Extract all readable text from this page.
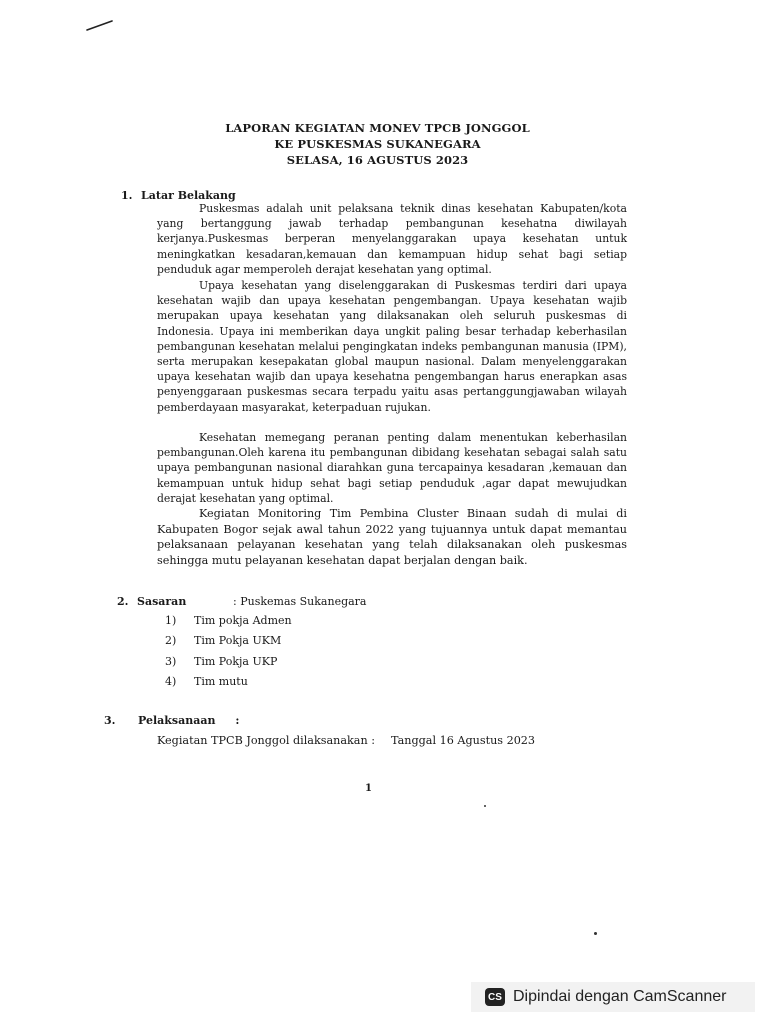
LAPORAN KEGIATAN MONEV TPCB JONGGOL
KE PUSKESMAS SUKANEGARA
SELASA, 16 AGUSTUS 2023
1. Latar Belakang

Puskesmas adalah unit pelaksana teknik dinas kesehatan Kabupaten/kota yang bertanggung jawab terhadap pembangunan kesehatna diwilayah kerjanya.Puskesmas berperan menyelanggarakan upaya kesehatan untuk meningkatkan kesadaran,kemauan dan kemampuan hidup sehat bagi setiap penduduk agar memperoleh derajat kesehatan yang optimal.

Upaya kesehatan yang diselenggarakan di Puskesmas terdiri dari upaya kesehatan wajib dan upaya kesehatan pengembangan. Upaya kesehatan wajib merupakan upaya kesehatan yang dilaksanakan oleh seluruh puskesmas di Indonesia. Upaya ini memberikan daya ungkit paling besar terhadap keberhasilan pembangunan kesehatan melalui pengingkatan indeks pembangunan manusia (IPM), serta merupakan kesepakatan global maupun nasional. Dalam menyelenggarakan upaya kesehatan wajib dan upaya kesehatna pengembangan harus enerapkan asas penyenggaraan puskesmas secara terpadu yaitu asas pertanggungjawaban wilayah pemberdayaan masyarakat, keterpaduan rujukan.

Kesehatan memegang peranan penting dalam menentukan keberhasilan pembangunan.Oleh karena itu pembangunan dibidang kesehatan sebagai salah satu upaya pembangunan nasional diarahkan guna tercapainya kesadaran ,kemauan dan kemampuan untuk hidup sehat bagi setiap penduduk ,agar dapat mewujudkan derajat kesehatan yang optimal.

Kegiatan Monitoring Tim Pembina Cluster Binaan sudah di mulai di Kabupaten Bogor sejak awal tahun 2022 yang tujuannya untuk dapat memantau pelaksanaan pelayanan kesehatan yang telah dilaksanakan oleh puskesmas sehingga mutu pelayanan kesehatan dapat berjalan dengan baik.

2. Sasaran	: Puskemas Sukanegara
1) Tim pokja Admen
2) Tim Pokja UKM
3) Tim Pokja UKP
4) Tim mutu
3. Pelaksanaan :
Kegiatan TPCB Jonggol dilaksanakan : Tanggal 16 Agustus 2023
1
CS Dipindai dengan CamScanner
